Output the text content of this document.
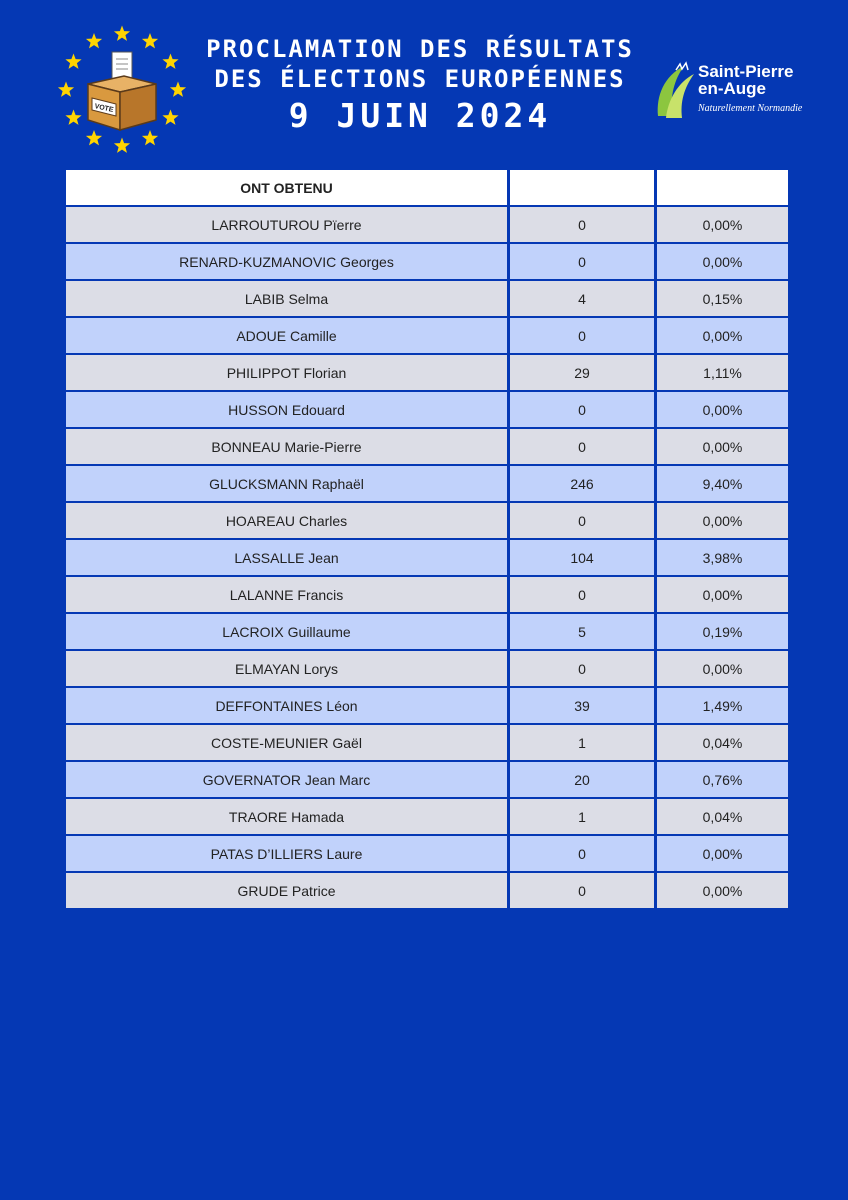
VOTE
PROCLAMATION DES RÉSULTATS
DES ÉLECTIONS EUROPÉENNES
9 JUIN 2024
Saint-Pierre
en-Auge
Naturellement Normandie
ONT OBTENU		
LARROUTUROU Pïerre	0	0,00%
RENARD-KUZMANOVIC Georges	0	0,00%
LABIB Selma	4	0,15%
ADOUE Camille	0	0,00%
PHILIPPOT Florian	29	1,11%
HUSSON Edouard	0	0,00%
BONNEAU Marie-Pierre	0	0,00%
GLUCKSMANN Raphaël	246	9,40%
HOAREAU Charles	0	0,00%
LASSALLE Jean	104	3,98%
LALANNE Francis	0	0,00%
LACROIX Guillaume	5	0,19%
ELMAYAN Lorys	0	0,00%
DEFFONTAINES Léon	39	1,49%
COSTE-MEUNIER Gaël	1	0,04%
GOVERNATOR Jean Marc	20	0,76%
TRAORE Hamada	1	0,04%
PATAS D’ILLIERS Laure	0	0,00%
GRUDE Patrice	0	0,00%
